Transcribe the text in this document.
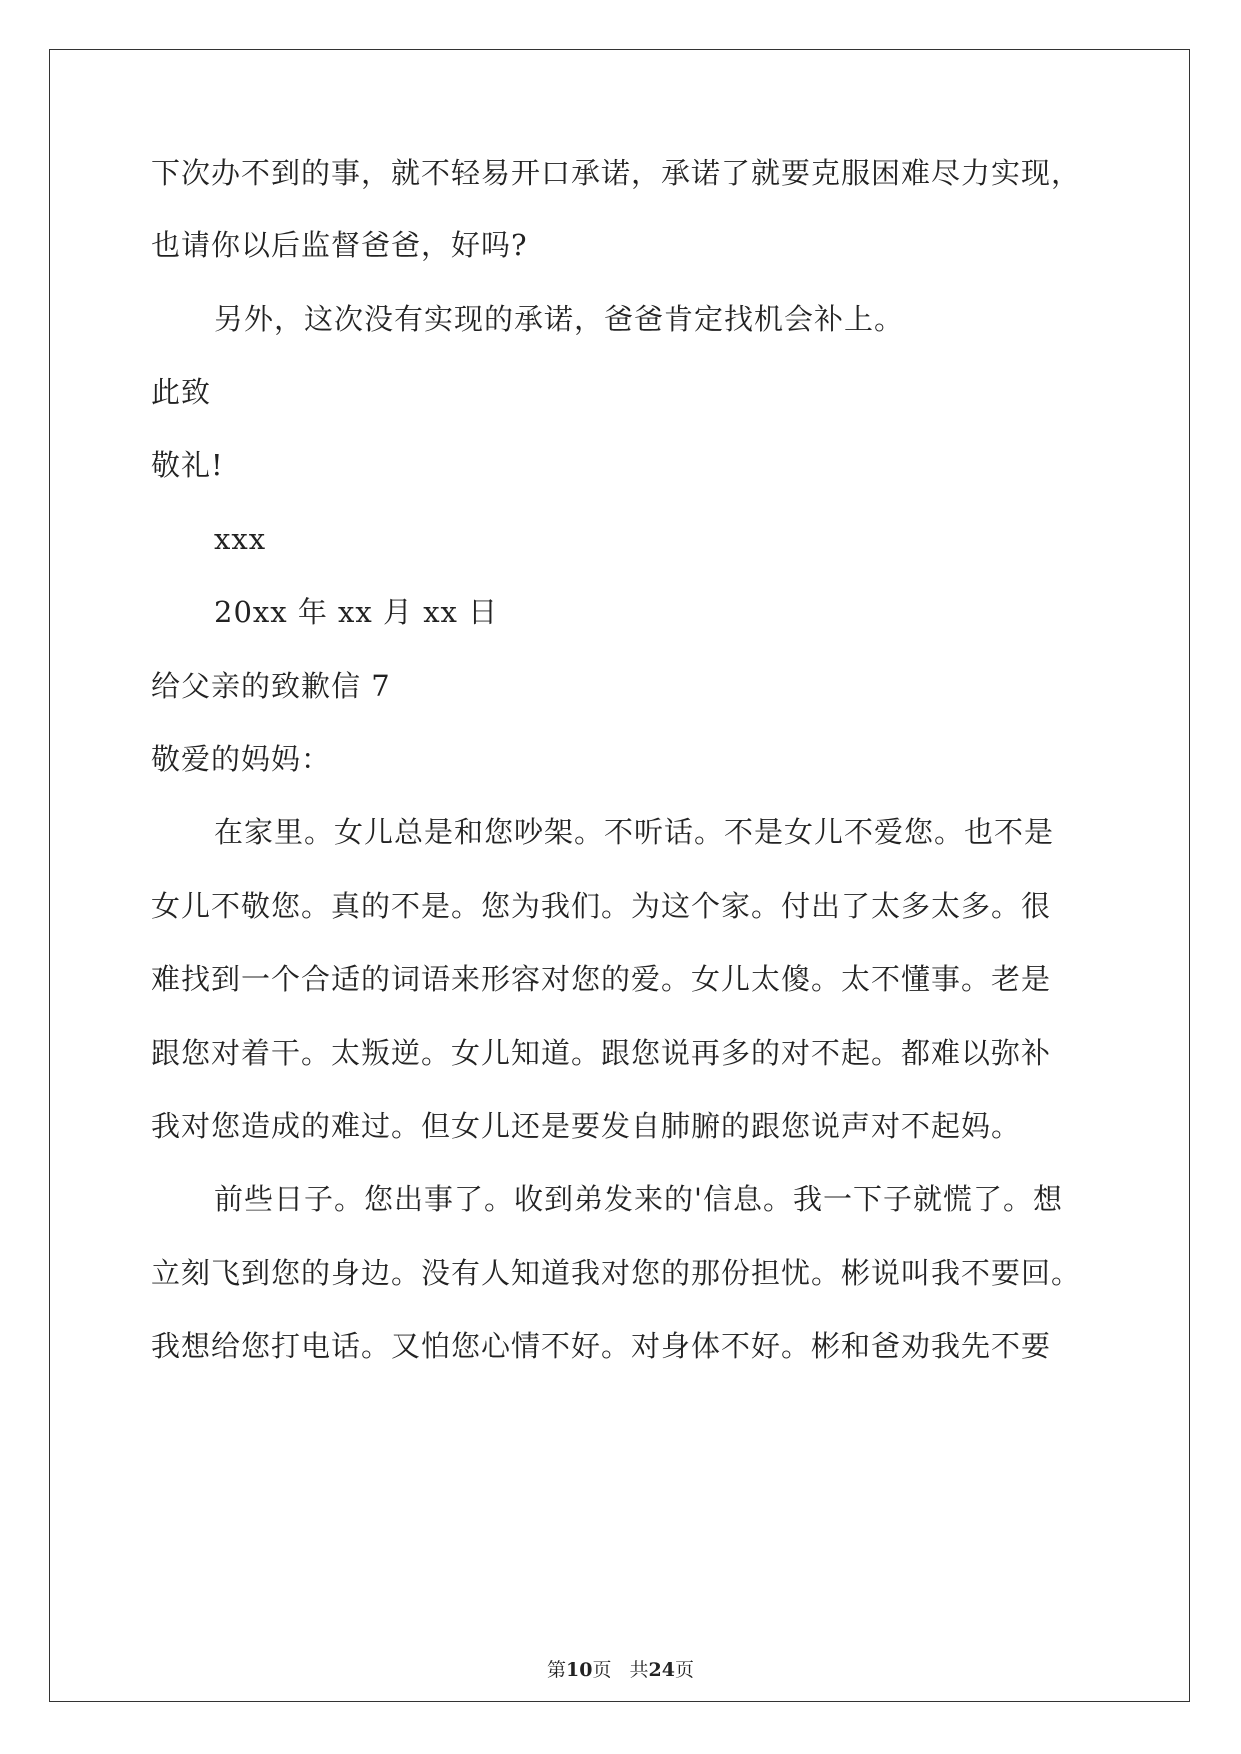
下次办不到的事，就不轻易开口承诺，承诺了就要克服困难尽力实现，
也请你以后监督爸爸，好吗?
另外，这次没有实现的承诺，爸爸肯定找机会补上。
此致
敬礼!
xxx
20xx 年 xx 月 xx 日
给父亲的致歉信 7
敬爱的妈妈：
在家里。女儿总是和您吵架。不听话。不是女儿不爱您。也不是
女儿不敬您。真的不是。您为我们。为这个家。付出了太多太多。很
难找到一个合适的词语来形容对您的爱。女儿太傻。太不懂事。老是
跟您对着干。太叛逆。女儿知道。跟您说再多的对不起。都难以弥补
我对您造成的难过。但女儿还是要发自肺腑的跟您说声对不起妈。
前些日子。您出事了。收到弟发来的'信息。我一下子就慌了。想
立刻飞到您的身边。没有人知道我对您的那份担忧。彬说叫我不要回。
我想给您打电话。又怕您心情不好。对身体不好。彬和爸劝我先不要
第10页 共24页
